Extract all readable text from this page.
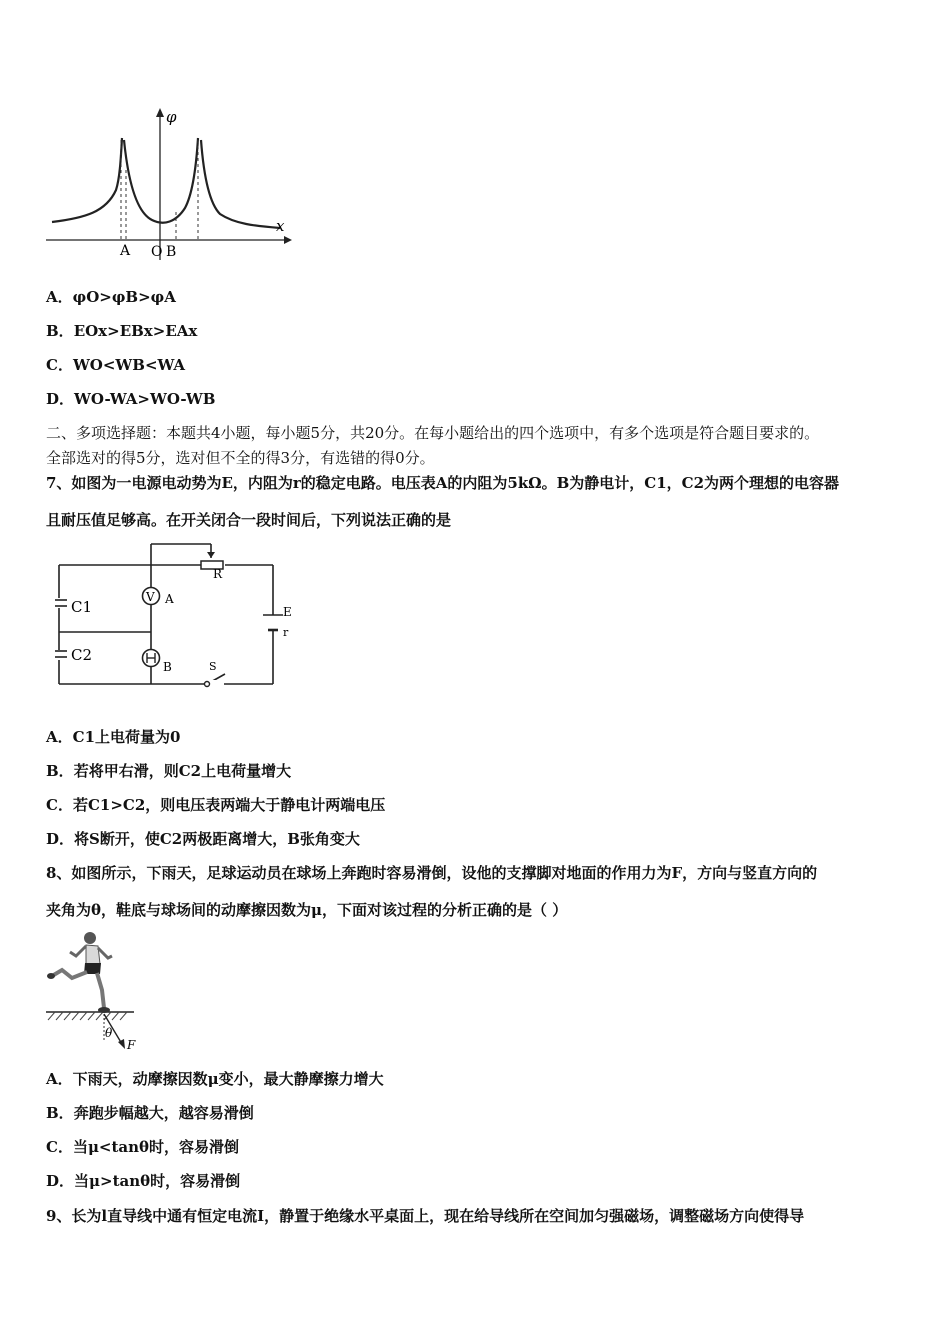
φ
x
A O B
A．φO>φB>φA
B．EOx>EBx>EAx
C．WO<WB<WA
D．WO-WA>WO-WB
二、多项选择题：本题共4小题，每小题5分，共20分。在每小题给出的四个选项中，有多个选项是符合题目要求的。
全部选对的得5分，选对但不全的得3分，有选错的得0分。
7、如图为一电源电动势为E，内阻为r的稳定电路。电压表A的内阻为5kΩ。B为静电计，C1，C2为两个理想的电容器
且耐压值足够高。在开关闭合一段时间后，下列说法正确的是
V
C1
C2
A
B
R
E
r
S
A．C1上电荷量为0
B．若将甲右滑，则C2上电荷量增大
C．若C1>C2，则电压表两端大于静电计两端电压
D．将S断开，使C2两极距离增大，B张角变大
8、如图所示，下雨天，足球运动员在球场上奔跑时容易滑倒，设他的支撑脚对地面的作用力为F，方向与竖直方向的
夹角为θ，鞋底与球场间的动摩擦因数为μ，下面对该过程的分析正确的是（ ）
θ
F
A．下雨天，动摩擦因数μ变小，最大静摩擦力增大
B．奔跑步幅越大，越容易滑倒
C．当μ<tanθ时，容易滑倒
D．当μ>tanθ时，容易滑倒
9、长为l直导线中通有恒定电流I，静置于绝缘水平桌面上，现在给导线所在空间加匀强磁场，调整磁场方向使得导
